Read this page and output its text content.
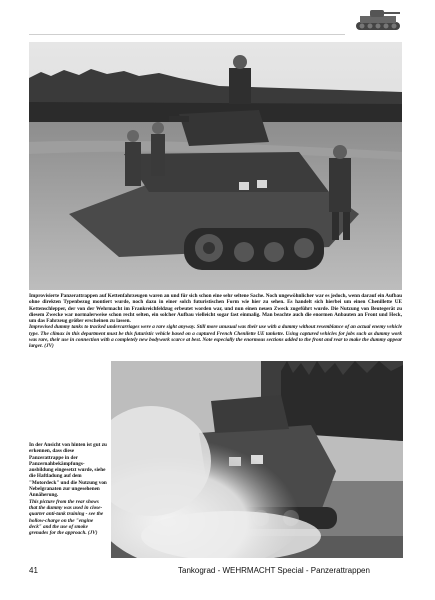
Improvisierte Panzerattrappen auf Kettenfahrzeugen waren an und für sich schon eine sehr seltene Sache. Noch ungewöhnlicher war es jedoch, wenn darauf ein Aufbau ohne direkten Typenbezug montiert wurde, noch dazu in einer solch futuristischen Form wie hier zu sehen. Es handelt sich hierbei um einen Chenillette UE Kettenschlepper, der von der Wehrmacht im Frankreichfeldzug erbeutet worden war, und nun einen neuen Zweck zugeführt wurde. Die Nutzung von Beutegerät zu diesem Zwecke war normalerweise schon recht selten, ein solcher Aufbau vielleicht sogar fast einmalig. Man beachte auch die enormen Anbauten an Front und Heck, um das Fahrzeug größer erscheinen zu lassen.
Improvised dummy tanks to tracked undercarriages were a rare sight anyway. Still more unusual was their use with a dummy without resemblance of an actual enemy vehicle type. The climax in this department must be this futuristic vehicle based on a captured French Chenilette UE tankette. Using captured vehicles for jobs such as dummy work was rare, their use in connection with a completely new bodywork scarce at best. Note especially the enormous sections added to the front and rear to make the dummy appear larger. (JV)
In der Ansicht von hinten ist gut zu erkennen, dass diese Panzerattrappe in der Panzernahbekämpfungs-ausbildung eingesetzt wurde, siehe die Haftladung auf dem "Motordeck" und die Nutzung von Nebelgranaten zur ungesehenen Annäherung.
This picture from the rear shows that the dummy was used in close-quarter anti-tank training - see the hollow-charge on the "engine deck" and the use of smoke grenades for the approach. (JV)
41	Tankograd - WEHRMACHT Special - Panzerattrappen
